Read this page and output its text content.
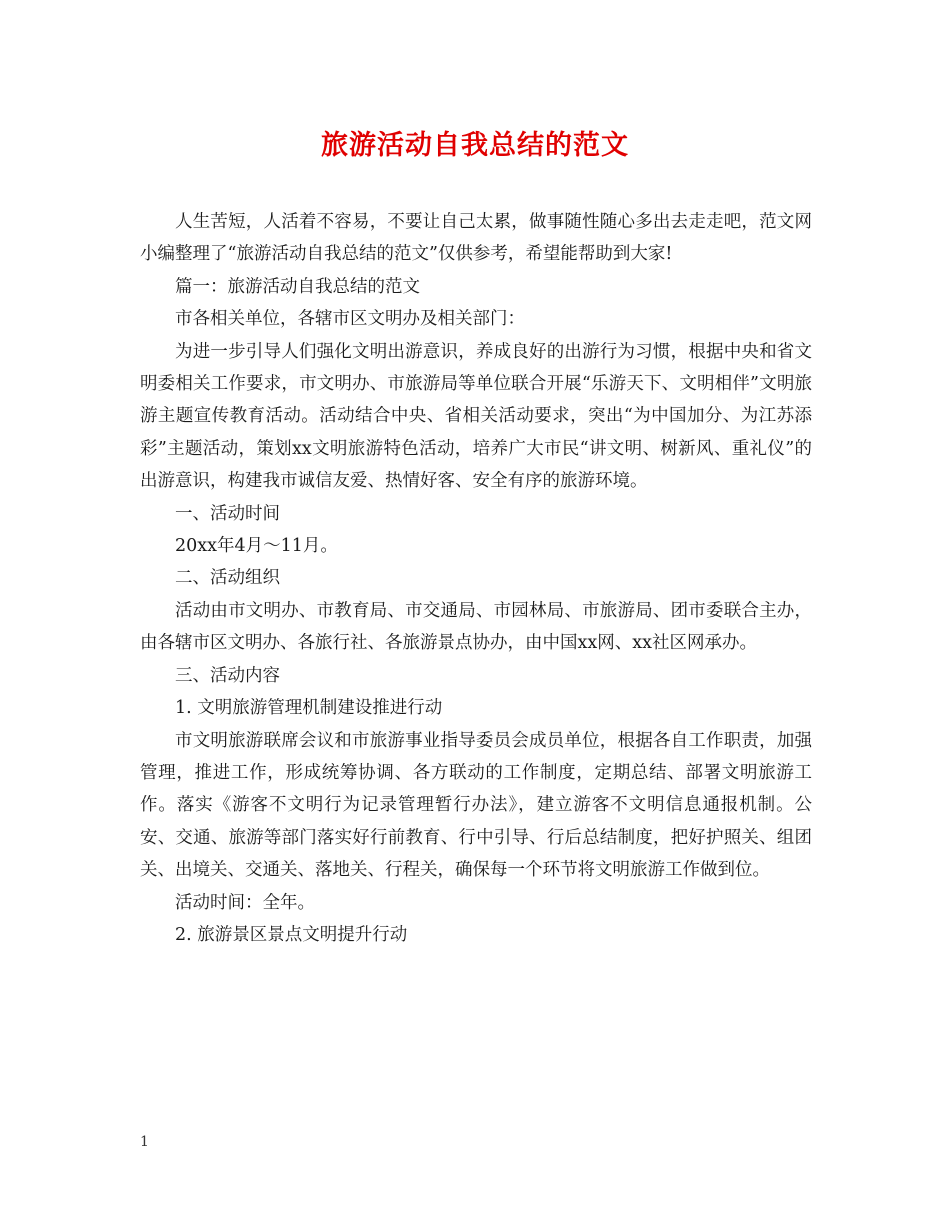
旅游活动自我总结的范文

人生苦短，人活着不容易，不要让自己太累，做事随性随心多出去走走吧，范文网小编整理了“旅游活动自我总结的范文”仅供参考，希望能帮助到大家!

篇一：旅游活动自我总结的范文

市各相关单位，各辖市区文明办及相关部门：

为进一步引导人们强化文明出游意识，养成良好的出游行为习惯，根据中央和省文明委相关工作要求，市文明办、市旅游局等单位联合开展“乐游天下、文明相伴”文明旅游主题宣传教育活动。活动结合中央、省相关活动要求，突出“为中国加分、为江苏添彩”主题活动，策划xx文明旅游特色活动，培养广大市民“讲文明、树新风、重礼仪”的出游意识，构建我市诚信友爱、热情好客、安全有序的旅游环境。

一、活动时间

20xx年4月～11月。

二、活动组织

活动由市文明办、市教育局、市交通局、市园林局、市旅游局、团市委联合主办，由各辖市区文明办、各旅行社、各旅游景点协办，由中国xx网、xx社区网承办。

三、活动内容

1. 文明旅游管理机制建设推进行动

市文明旅游联席会议和市旅游事业指导委员会成员单位，根据各自工作职责，加强管理，推进工作，形成统筹协调、各方联动的工作制度，定期总结、部署文明旅游工作。落实《游客不文明行为记录管理暂行办法》，建立游客不文明信息通报机制。公安、交通、旅游等部门落实好行前教育、行中引导、行后总结制度，把好护照关、组团关、出境关、交通关、落地关、行程关，确保每一个环节将文明旅游工作做到位。

活动时间：全年。

2. 旅游景区景点文明提升行动

1
